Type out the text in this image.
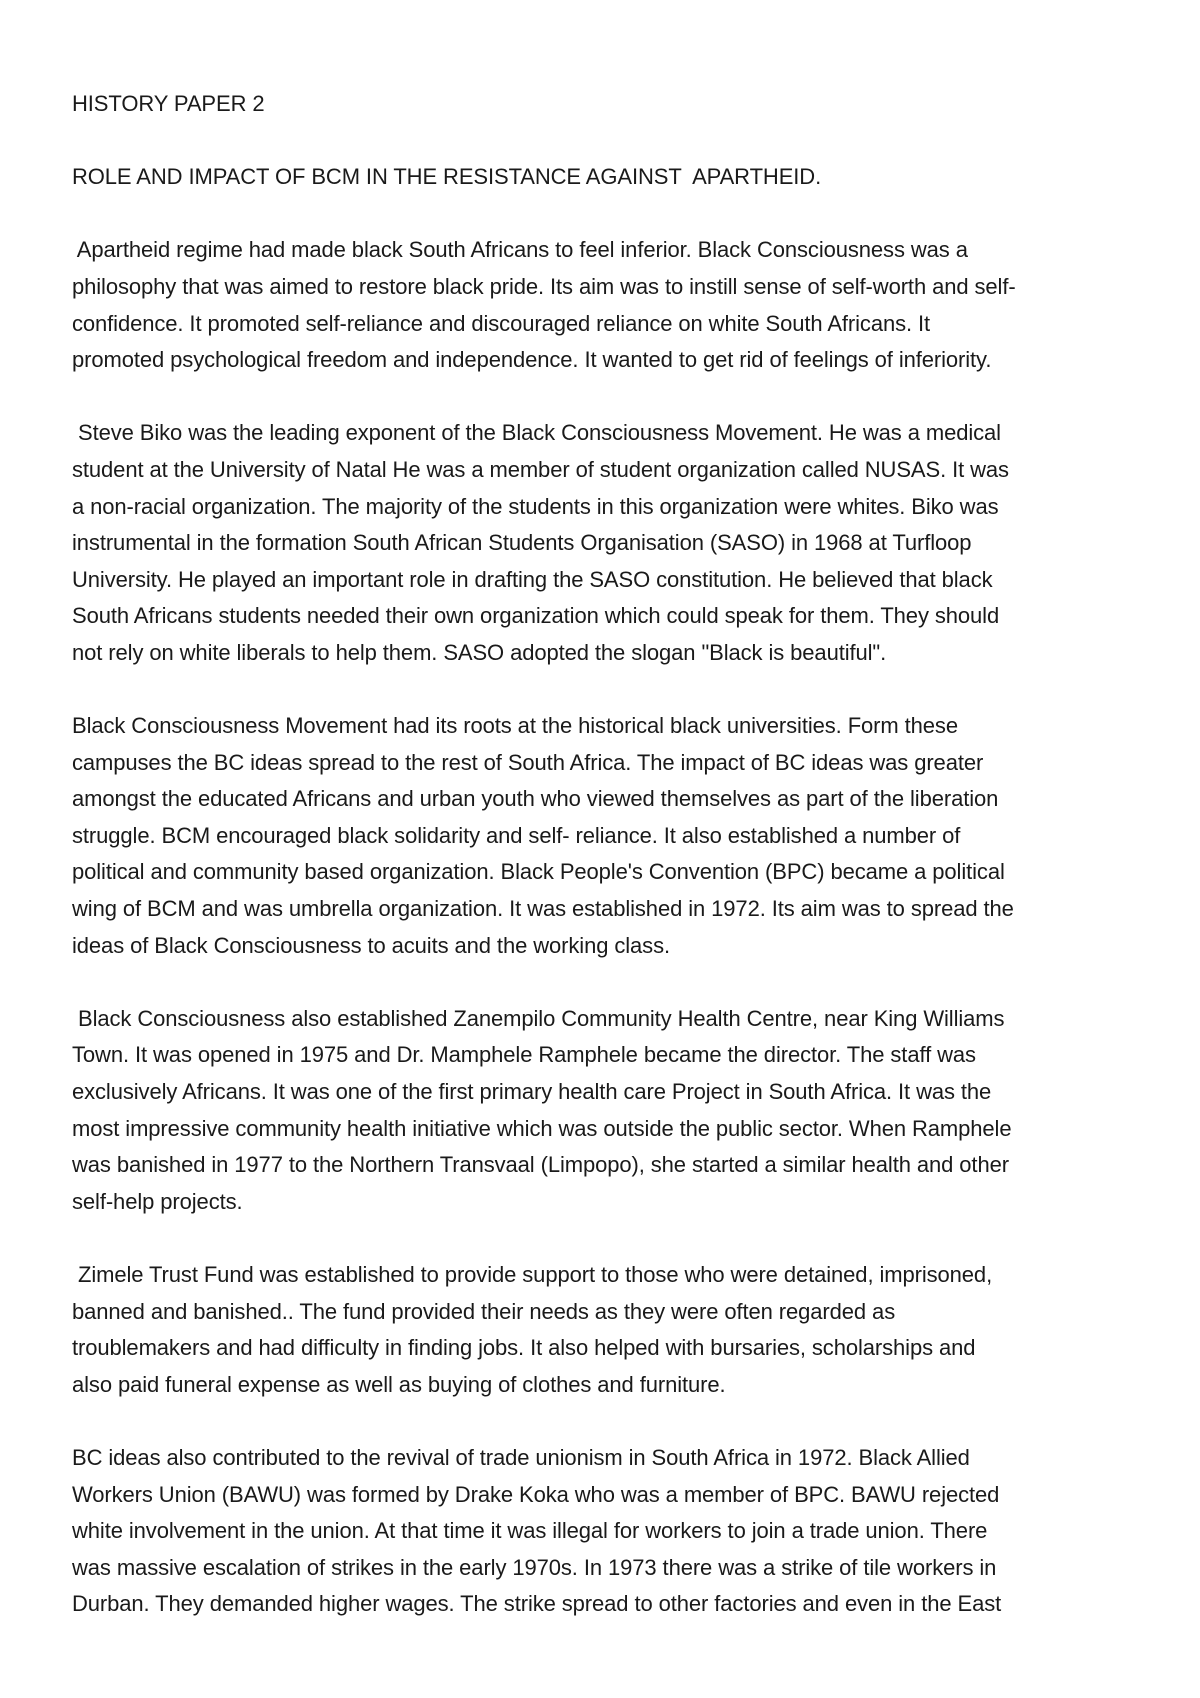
HISTORY PAPER 2
ROLE AND IMPACT OF BCM IN THE RESISTANCE AGAINST  APARTHEID.
Apartheid regime had made black South Africans to feel inferior. Black Consciousness was a
philosophy that was aimed to restore black pride. Its aim was to instill sense of self-worth and self-
confidence. It promoted self-reliance and discouraged reliance on white South Africans. It
promoted psychological freedom and independence. It wanted to get rid of feelings of inferiority.
Steve Biko was the leading exponent of the Black Consciousness Movement. He was a medical
student at the University of Natal He was a member of student organization called NUSAS. It was
a non-racial organization. The majority of the students in this organization were whites. Biko was
instrumental in the formation South African Students Organisation (SASO) in 1968 at Turfloop
University. He played an important role in drafting the SASO constitution. He believed that black
South Africans students needed their own organization which could speak for them. They should
not rely on white liberals to help them. SASO adopted the slogan "Black is beautiful".
Black Consciousness Movement had its roots at the historical black universities. Form these
campuses the BC ideas spread to the rest of South Africa. The impact of BC ideas was greater
amongst the educated Africans and urban youth who viewed themselves as part of the liberation
struggle. BCM encouraged black solidarity and self- reliance. It also established a number of
political and community based organization. Black People's Convention (BPC) became a political
wing of BCM and was umbrella organization. It was established in 1972. Its aim was to spread the
ideas of Black Consciousness to acuits and the working class.
Black Consciousness also established Zanempilo Community Health Centre, near King Williams
Town. It was opened in 1975 and Dr. Mamphele Ramphele became the director. The staff was
exclusively Africans. It was one of the first primary health care Project in South Africa. It was the
most impressive community health initiative which was outside the public sector. When Ramphele
was banished in 1977 to the Northern Transvaal (Limpopo), she started a similar health and other
self-help projects.
Zimele Trust Fund was established to provide support to those who were detained, imprisoned,
banned and banished.. The fund provided their needs as they were often regarded as
troublemakers and had difficulty in finding jobs. It also helped with bursaries, scholarships and
also paid funeral expense as well as buying of clothes and furniture.
BC ideas also contributed to the revival of trade unionism in South Africa in 1972. Black Allied
Workers Union (BAWU) was formed by Drake Koka who was a member of BPC. BAWU rejected
white involvement in the union. At that time it was illegal for workers to join a trade union. There
was massive escalation of strikes in the early 1970s. In 1973 there was a strike of tile workers in
Durban. They demanded higher wages. The strike spread to other factories and even in the East
